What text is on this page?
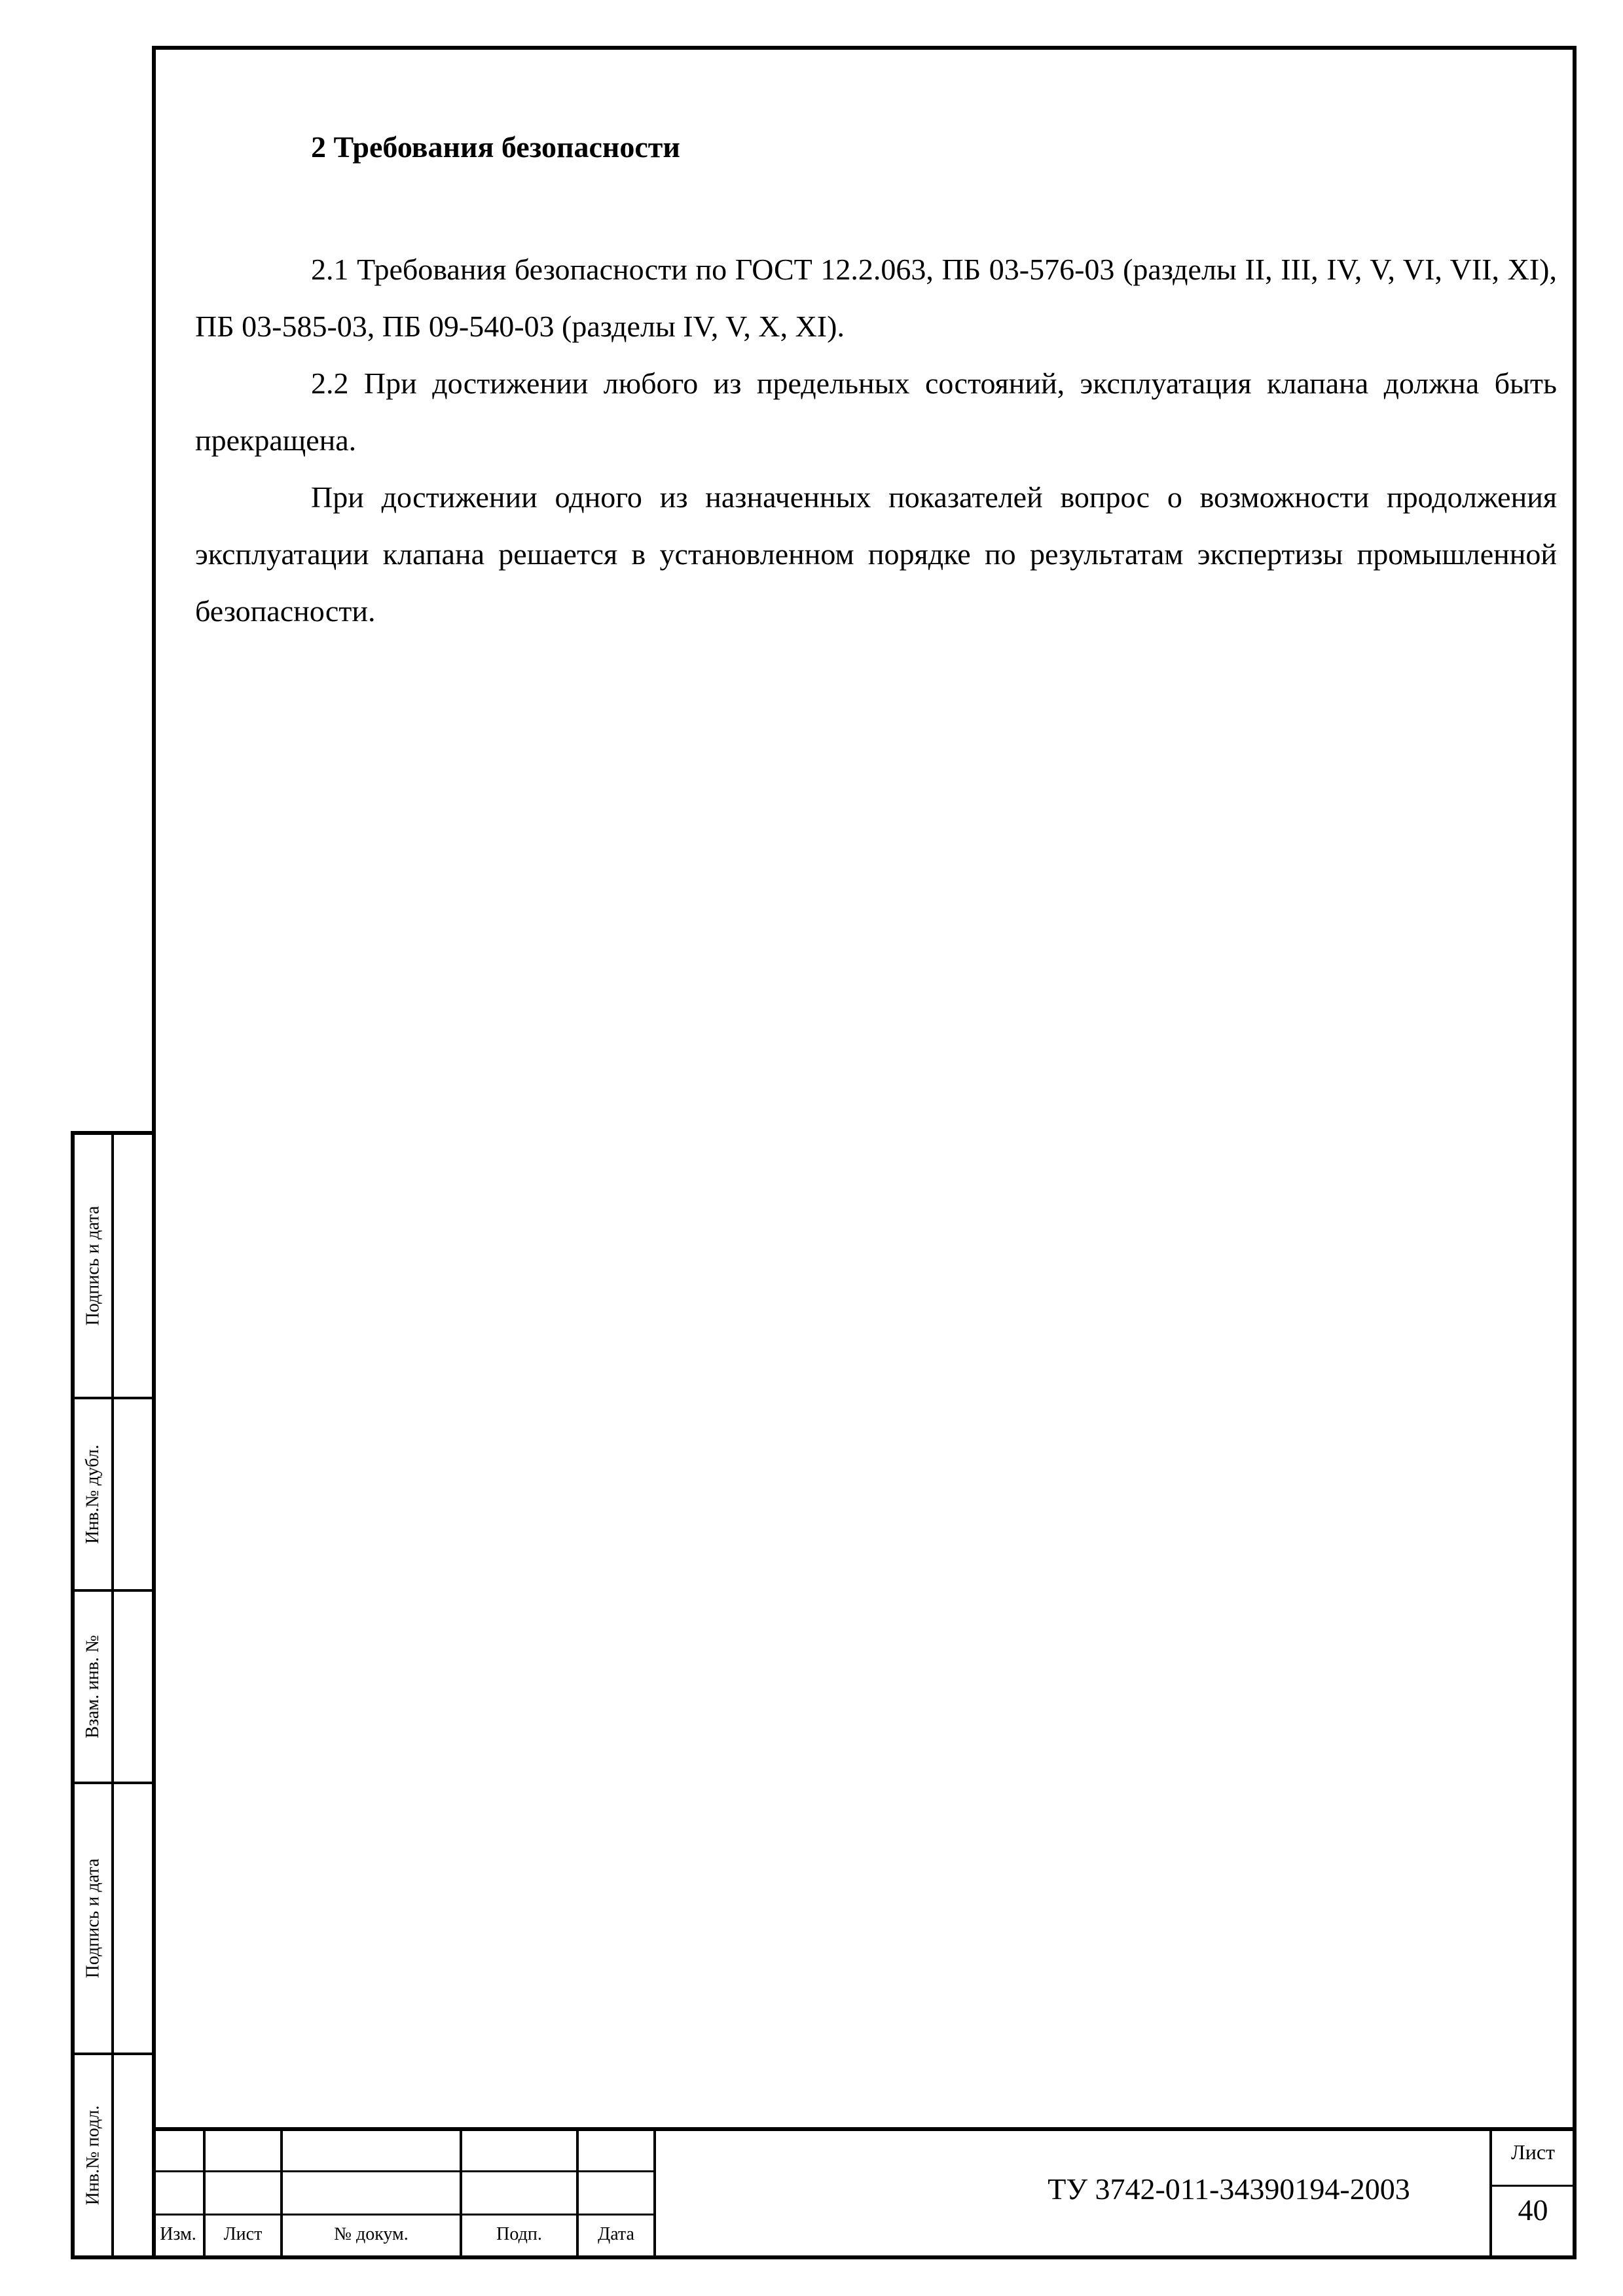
2 Требования безопасности

2.1 Требования безопасности по ГОСТ 12.2.063, ПБ 03-576-03 (разделы II, III, IV, V, VI, VII, XI), ПБ 03-585-03, ПБ 09-540-03 (разделы IV, V, X, XI).

2.2 При достижении любого из предельных состояний, эксплуатация клапана должна быть прекращена.

При достижении одного из назначенных показателей вопрос о возможности продолжения эксплуатации клапана решается в установленном порядке по результатам экспертизы промышленной безопасности.

Подпись и дата
Инв.№ дубл.
Взам. инв. №
Подпись и дата
Инв.№ подл.
Изм.	Лист	№ докум.	Подп.	Дата
ТУ 3742-011-34390194-2003
Лист
40
